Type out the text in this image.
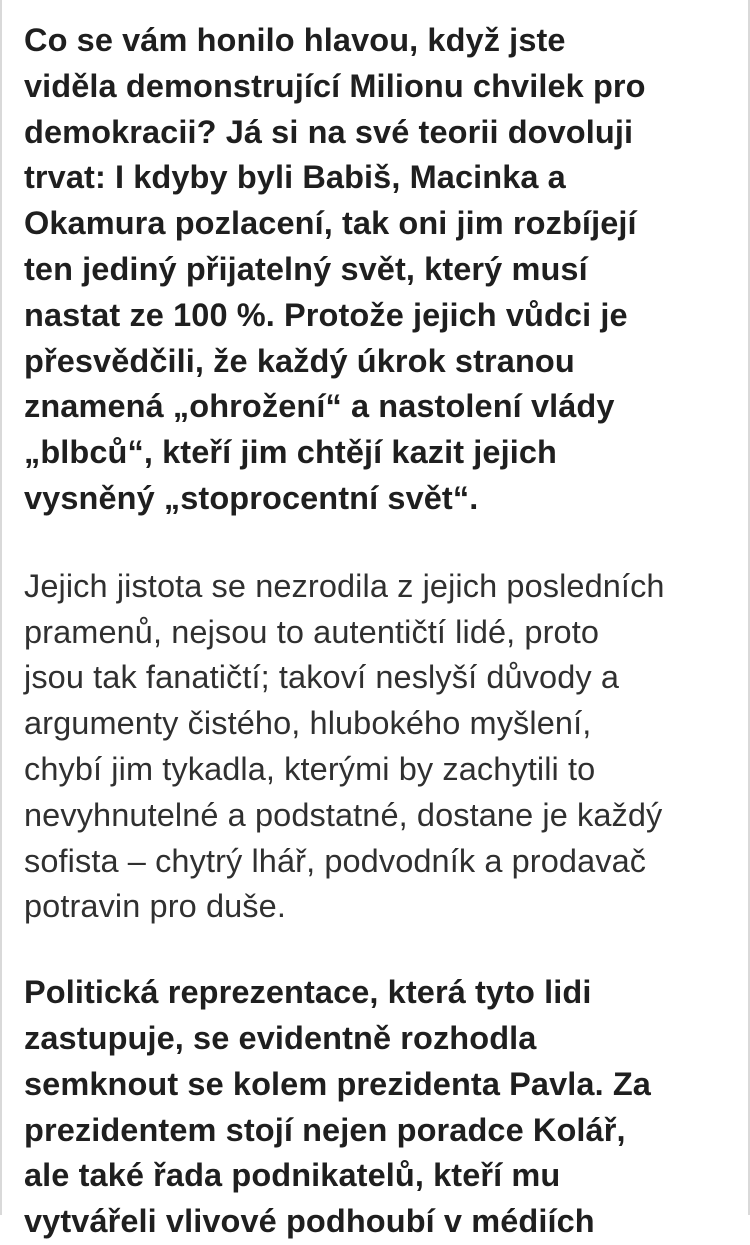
Co se vám honilo hlavou, když jste
viděla demonstrující Milionu chvilek pro
demokracii? Já si na své teorii dovoluji
trvat: I kdyby byli Babiš, Macinka a
Okamura pozlacení, tak oni jim rozbíjejí
ten jediný přijatelný svět, který musí
nastat ze 100 %. Protože jejich vůdci je
přesvědčili, že každý úkrok stranou
znamená „ohrožení“ a nastolení vlády
„blbců“, kteří jim chtějí kazit jejich
vysněný „stoprocentní svět“.

Jejich jistota se nezrodila z jejich posledních
pramenů, nejsou to autentičtí lidé, proto
jsou tak fanatičtí; takoví neslyší důvody a
argumenty čistého, hlubokého myšlení,
chybí jim tykadla, kterými by zachytili to
nevyhnutelné a podstatné, dostane je každý
sofista – chytrý lhář, podvodník a prodavač
potravin pro duše.

Politická reprezentace, která tyto lidi
zastupuje, se evidentně rozhodla
semknout se kolem prezidenta Pavla. Za
prezidentem stojí nejen poradce Kolář,
ale také řada podnikatelů, kteří mu
vytvářeli vlivové podhoubí v médiích
